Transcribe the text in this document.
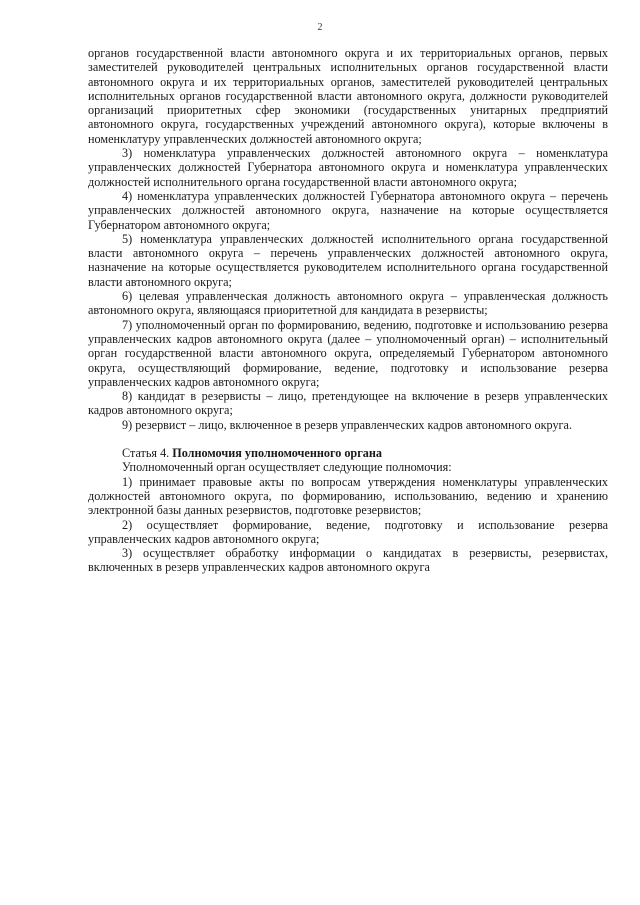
2

органов государственной власти автономного округа и их территориальных органов, первых заместителей руководителей центральных исполнительных органов государственной власти автономного округа и их территориальных органов, заместителей руководителей центральных исполнительных органов государственной власти автономного округа, должности руководителей организаций приоритетных сфер экономики (государственных унитарных предприятий автономного округа, государственных учреждений автономного округа), которые включены в номенклатуру управленческих должностей автономного округа;

3) номенклатура управленческих должностей автономного округа – номенклатура управленческих должностей Губернатора автономного округа и номенклатура управленческих должностей исполнительного органа государственной власти автономного округа;

4) номенклатура управленческих должностей Губернатора автономного округа – перечень управленческих должностей автономного округа, назначение на которые осуществляется Губернатором автономного округа;

5) номенклатура управленческих должностей исполнительного органа государственной власти автономного округа – перечень управленческих должностей автономного округа, назначение на которые осуществляется руководителем исполнительного органа государственной власти автономного округа;

6) целевая управленческая должность автономного округа – управленческая должность автономного округа, являющаяся приоритетной для кандидата в резервисты;

7) уполномоченный орган по формированию, ведению, подготовке и использованию резерва управленческих кадров автономного округа (далее – уполномоченный орган) – исполнительный орган государственной власти автономного округа, определяемый Губернатором автономного округа, осуществляющий формирование, ведение, подготовку и использование резерва управленческих кадров автономного округа;

8) кандидат в резервисты – лицо, претендующее на включение в резерв управленческих кадров автономного округа;

9) резервист – лицо, включенное в резерв управленческих кадров автономного округа.

Статья 4. Полномочия уполномоченного органа

Уполномоченный орган осуществляет следующие полномочия:

1) принимает правовые акты по вопросам утверждения номенклатуры управленческих должностей автономного округа, по формированию, использованию, ведению и хранению электронной базы данных резервистов, подготовке резервистов;

2) осуществляет формирование, ведение, подготовку и использование резерва управленческих кадров автономного округа;

3) осуществляет обработку информации о кандидатах в резервисты, резервистах, включенных в резерв управленческих кадров автономного округа
